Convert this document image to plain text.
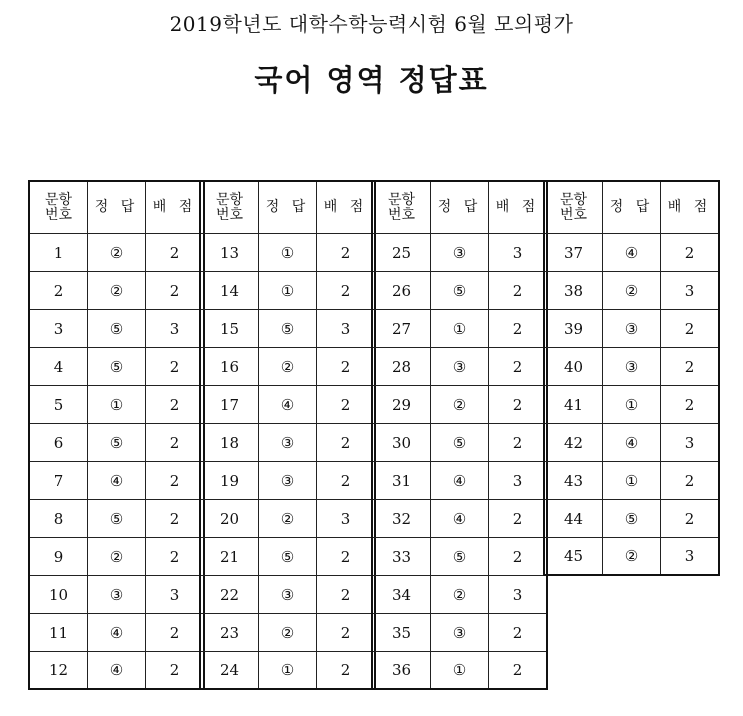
2019학년도 대학수학능력시험 6월 모의평가
국어 영역 정답표
문항
번호	정 답	배 점
1	②	2
2	②	2
3	⑤	3
4	⑤	2
5	①	2
6	⑤	2
7	④	2
8	⑤	2
9	②	2
10	③	3
11	④	2
12	④	2
문항
번호	정 답	배 점
13	①	2
14	①	2
15	⑤	3
16	②	2
17	④	2
18	③	2
19	③	2
20	②	3
21	⑤	2
22	③	2
23	②	2
24	①	2
문항
번호	정 답	배 점
25	③	3
26	⑤	2
27	①	2
28	③	2
29	②	2
30	⑤	2
31	④	3
32	④	2
33	⑤	2
34	②	3
35	③	2
36	①	2
문항
번호	정 답	배 점
37	④	2
38	②	3
39	③	2
40	③	2
41	①	2
42	④	3
43	①	2
44	⑤	2
45	②	3
